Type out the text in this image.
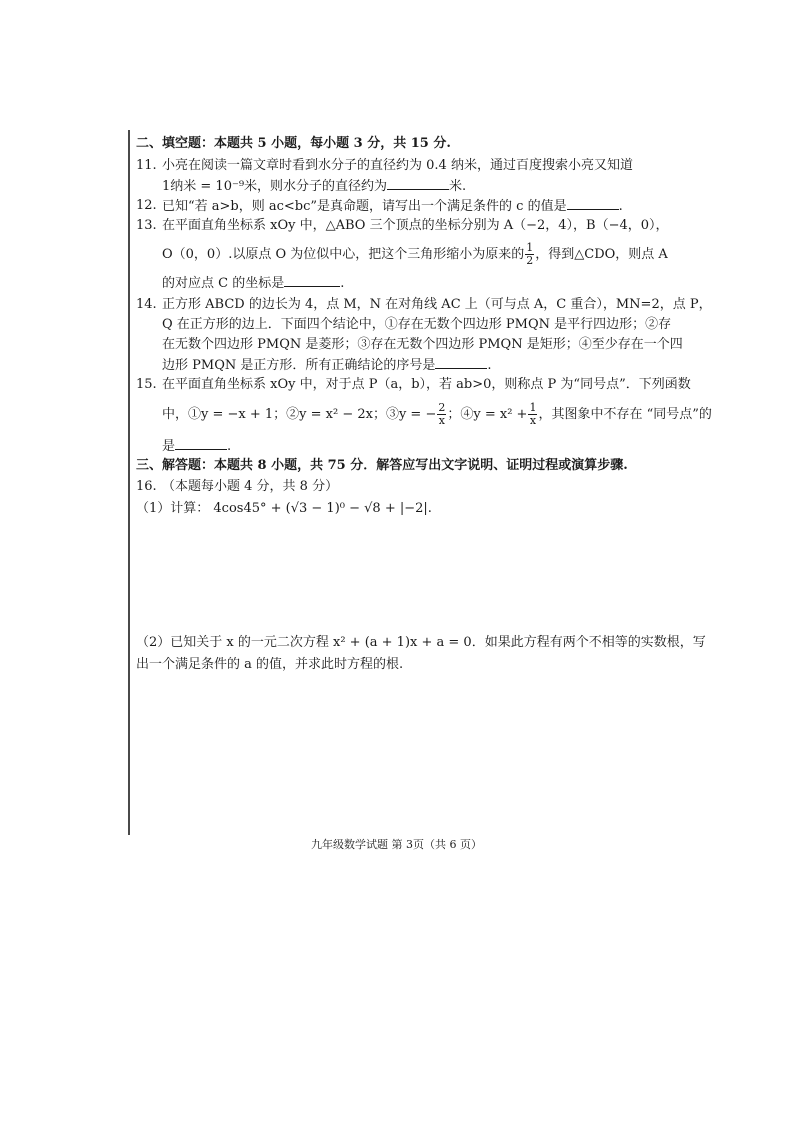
二、填空题：本题共 5 小题，每小题 3 分，共 15 分.
11. 小亮在阅读一篇文章时看到水分子的直径约为 0.4 纳米，通过百度搜索小亮又知道
1纳米 = 10⁻⁹米，则水分子的直径约为	米.
12. 已知“若 a>b，则 ac<bc”是真命题，请写出一个满足条件的 c 的值是	.
13. 在平面直角坐标系 xOy 中，△ABO 三个顶点的坐标分别为 A（−2，4），B（−4，0），
O（0，0）.以原点 O 为位似中心，把这个三角形缩小为原来的 $\frac{1}{2}$ ，得到△CDO，则点 A
的对应点 C 的坐标是	.
14. 正方形 ABCD 的边长为 4，点 M，N 在对角线 AC 上（可与点 A，C 重合），MN=2，点 P，
Q 在正方形的边上．下面四个结论中，①存在无数个四边形 PMQN 是平行四边形；②存
在无数个四边形 PMQN 是菱形；③存在无数个四边形 PMQN 是矩形；④至少存在一个四
边形 PMQN 是正方形．所有正确结论的序号是	.
15. 在平面直角坐标系 xOy 中，对于点 P（a，b），若 ab>0，则称点 P 为“同号点”．下列函数
中，①y = −x + 1；②y = x² − 2x；③y = − $\frac{2}{x}$ ；④y = $x^2 + \frac{1}{x}$ ，其图象中不存在 “同号点”的
是	.
三、解答题：本题共 8 小题，共 75 分．解答应写出文字说明、证明过程或演算步骤.
16. （本题每小题 4 分，共 8 分）
（1）计算： 4cos45° + (√3 − 1)⁰ − √8 + |−2|.
（2）已知关于 x 的一元二次方程 x² + (a + 1)x + a = 0．如果此方程有两个不相等的实数根，写
出一个满足条件的 a 的值，并求此时方程的根.
九年级数学试题 第 3页（共 6 页）
